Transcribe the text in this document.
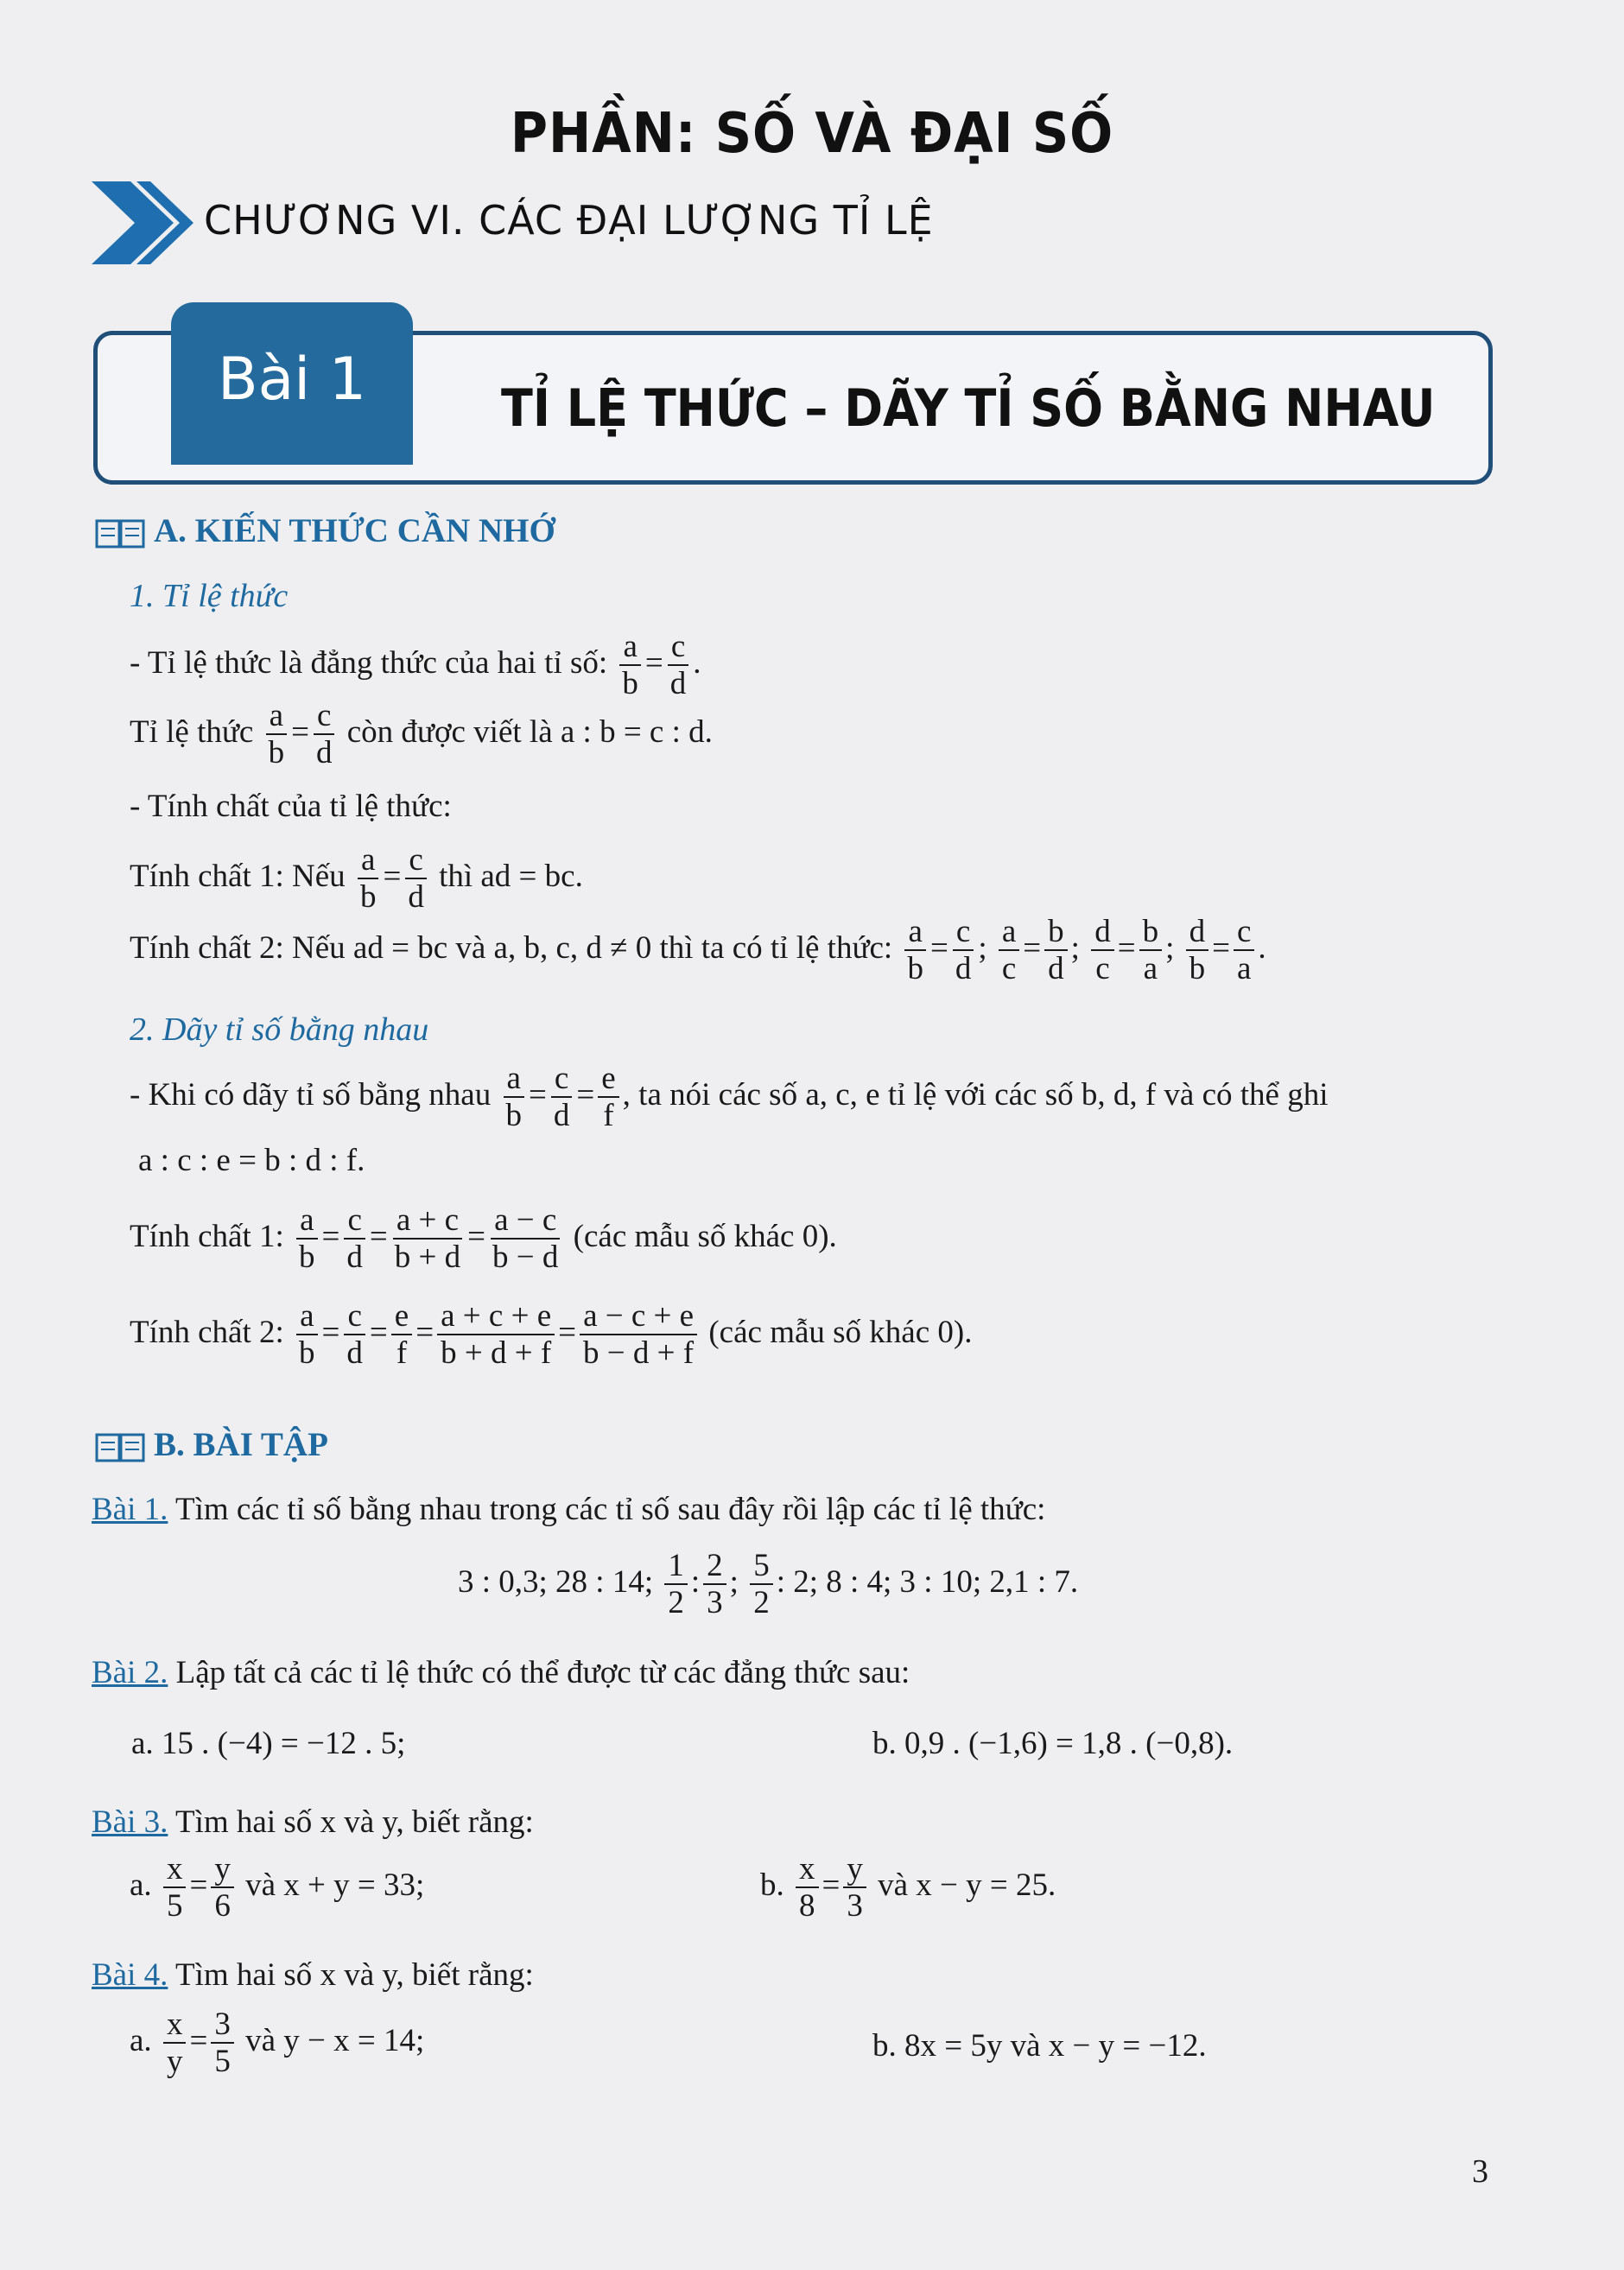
PHẦN: SỐ VÀ ĐẠI SỐ
CHƯƠNG VI. CÁC ĐẠI LƯỢNG TỈ LỆ
Bài 1	TỈ LỆ THỨC – DÃY TỈ SỐ BẰNG NHAU
A. KIẾN THỨC CẦN NHỚ
1. Tỉ lệ thức
- Tỉ lệ thức là đẳng thức của hai tỉ số: $\frac{a}{b} = \frac{c}{d}$ .
Tỉ lệ thức $\frac{a}{b} = \frac{c}{d}$ còn được viết là a : b = c : d.
- Tính chất của tỉ lệ thức:
Tính chất 1: Nếu $\frac{a}{b} = \frac{c}{d}$ thì ad = bc.
Tính chất 2: Nếu ad = bc và a, b, c, d ≠ 0 thì ta có tỉ lệ thức: $\frac{a}{b} = \frac{c}{d}$ ; $\frac{a}{c} = \frac{b}{d}$ ; $\frac{d}{c} = \frac{b}{a}$ ; $\frac{d}{b} = \frac{c}{a}$ .
2. Dãy tỉ số bằng nhau
- Khi có dãy tỉ số bằng nhau $\frac{a}{b} = \frac{c}{d} = \frac{e}{f}$ , ta nói các số a, c, e tỉ lệ với các số b, d, f và có thể ghi
a : c : e = b : d : f.
Tính chất 1: $\frac{a}{b} = \frac{c}{d} = \frac{a + c}{b + d} = \frac{a - c}{b - d}$ (các mẫu số khác 0).
Tính chất 2: $\frac{a}{b} = \frac{c}{d} = \frac{e}{f} = \frac{a + c + e}{b + d + f} = \frac{a - c + e}{b - d + f}$ (các mẫu số khác 0).
B. BÀI TẬP
Bài 1. Tìm các tỉ số bằng nhau trong các tỉ số sau đây rồi lập các tỉ lệ thức:
3 : 0,3; 28 : 14; $\frac{1}{2}$ : $\frac{2}{3}$ ; $\frac{5}{2}$ : 2; 8 : 4; 3 : 10; 2,1 : 7.
Bài 2. Lập tất cả các tỉ lệ thức có thể được từ các đẳng thức sau:
a. 15 . (−4) = −12 . 5;	b. 0,9 . (−1,6) = 1,8 . (−0,8).
Bài 3. Tìm hai số x và y, biết rằng:
a. $\frac{x}{5} = \frac{y}{6}$ và x + y = 33;	b. $\frac{x}{8} = \frac{y}{3}$ và x − y = 25.
Bài 4. Tìm hai số x và y, biết rằng:
a. $\frac{x}{y} = \frac{3}{5}$ và y − x = 14;	b. 8x = 5y và x − y = −12.
3
